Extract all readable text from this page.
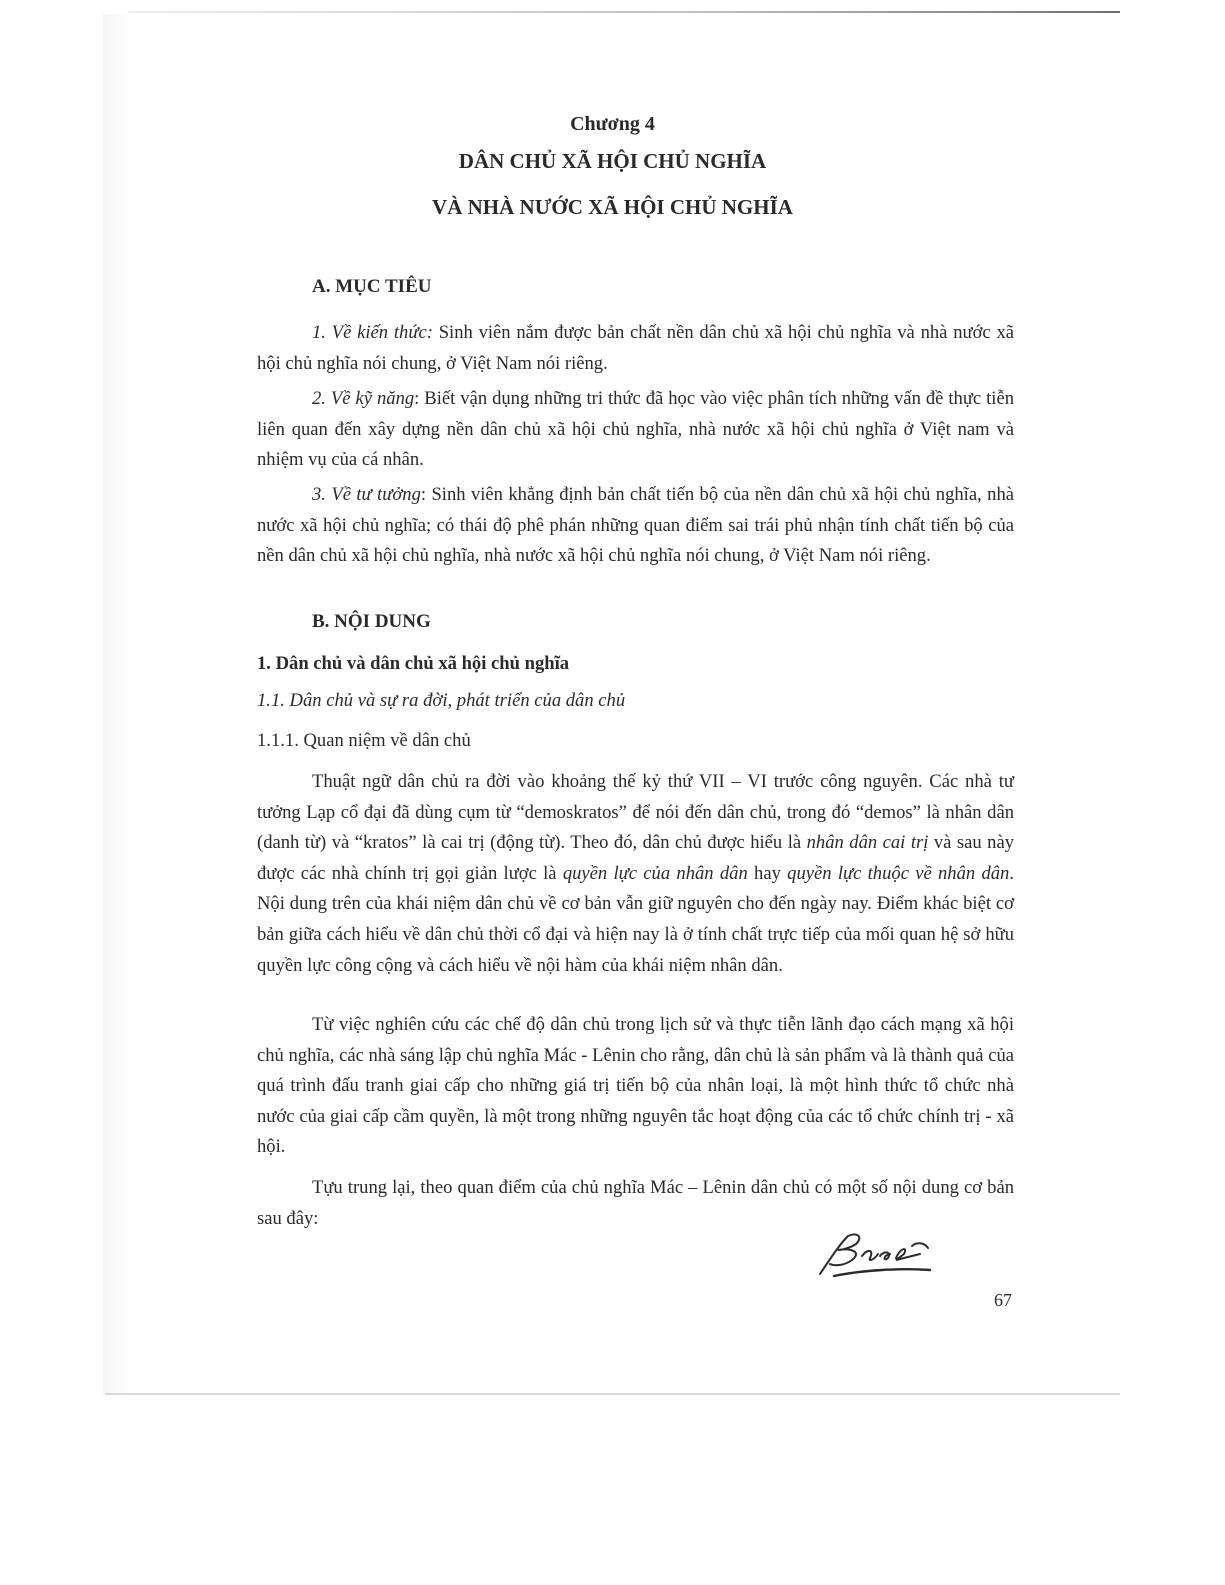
Chương 4
DÂN CHỦ XÃ HỘI CHỦ NGHĨA
VÀ NHÀ NƯỚC XÃ HỘI CHỦ NGHĨA
A. MỤC TIÊU
1. Về kiến thức: Sinh viên nắm được bản chất nền dân chủ xã hội chủ nghĩa và nhà nước xã hội chủ nghĩa nói chung, ở Việt Nam nói riêng.
2. Về kỹ năng: Biết vận dụng những tri thức đã học vào việc phân tích những vấn đề thực tiễn liên quan đến xây dựng nền dân chủ xã hội chủ nghĩa, nhà nước xã hội chủ nghĩa ở Việt nam và nhiệm vụ của cá nhân.
3. Về tư tưởng: Sinh viên khẳng định bản chất tiến bộ của nền dân chủ xã hội chủ nghĩa, nhà nước xã hội chủ nghĩa; có thái độ phê phán những quan điểm sai trái phủ nhận tính chất tiến bộ của nền dân chủ xã hội chủ nghĩa, nhà nước xã hội chủ nghĩa nói chung, ở Việt Nam nói riêng.
B. NỘI DUNG
1. Dân chủ và dân chủ xã hội chủ nghĩa
1.1. Dân chủ và sự ra đời, phát triển của dân chủ
1.1.1. Quan niệm về dân chủ
Thuật ngữ dân chủ ra đời vào khoảng thế kỷ thứ VII – VI trước công nguyên. Các nhà tư tưởng Lạp cổ đại đã dùng cụm từ “demoskratos” để nói đến dân chủ, trong đó “demos” là nhân dân (danh từ) và “kratos” là cai trị (động từ). Theo đó, dân chủ được hiểu là nhân dân cai trị và sau này được các nhà chính trị gọi giản lược là quyền lực của nhân dân hay quyền lực thuộc về nhân dân. Nội dung trên của khái niệm dân chủ về cơ bản vẫn giữ nguyên cho đến ngày nay. Điểm khác biệt cơ bản giữa cách hiểu về dân chủ thời cổ đại và hiện nay là ở tính chất trực tiếp của mối quan hệ sở hữu quyền lực công cộng và cách hiểu về nội hàm của khái niệm nhân dân.
Từ việc nghiên cứu các chế độ dân chủ trong lịch sử và thực tiễn lãnh đạo cách mạng xã hội chủ nghĩa, các nhà sáng lập chủ nghĩa Mác - Lênin cho rằng, dân chủ là sản phẩm và là thành quả của quá trình đấu tranh giai cấp cho những giá trị tiến bộ của nhân loại, là một hình thức tổ chức nhà nước của giai cấp cầm quyền, là một trong những nguyên tắc hoạt động của các tổ chức chính trị - xã hội.
Tựu trung lại, theo quan điểm của chủ nghĩa Mác – Lênin dân chủ có một số nội dung cơ bản sau đây:
67
